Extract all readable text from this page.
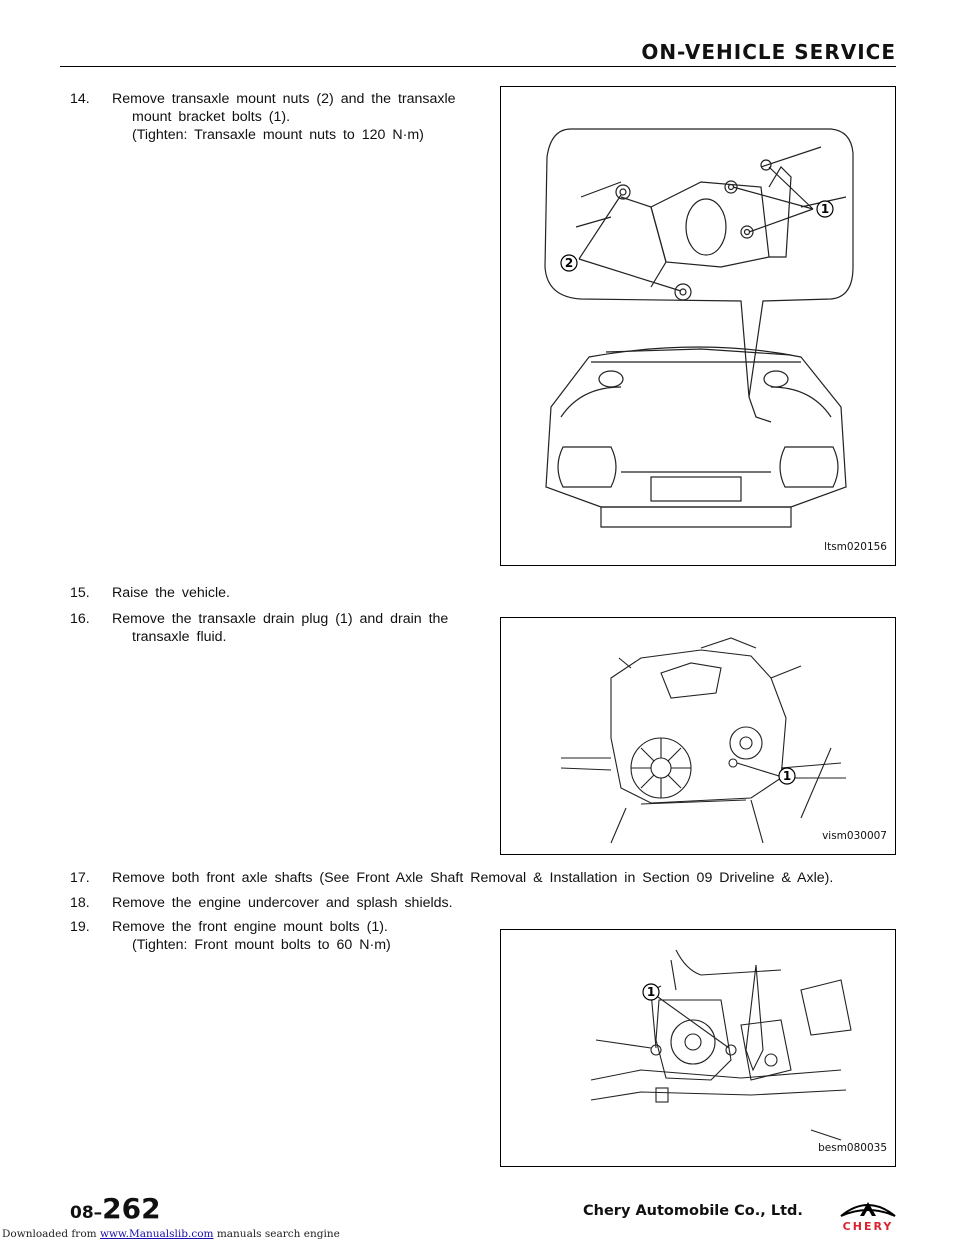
ON-VEHICLE SERVICE
14. Remove transaxle mount nuts (2) and the transaxle
mount bracket bolts (1).
(Tighten: Transaxle mount nuts to 120 N·m)
1
2
ltsm020156
15. Raise the vehicle.
16. Remove the transaxle drain plug (1) and drain the
transaxle fluid.
1
vism030007
17. Remove both front axle shafts (See Front Axle Shaft Removal & Installation in Section 09 Driveline & Axle).
18. Remove the engine undercover and splash shields.
19. Remove the front engine mount bolts (1).
(Tighten: Front mount bolts to 60 N·m)
1
besm080035
08–262	Chery Automobile Co., Ltd.
CHERY
Downloaded from www.Manualslib.com manuals search engine
